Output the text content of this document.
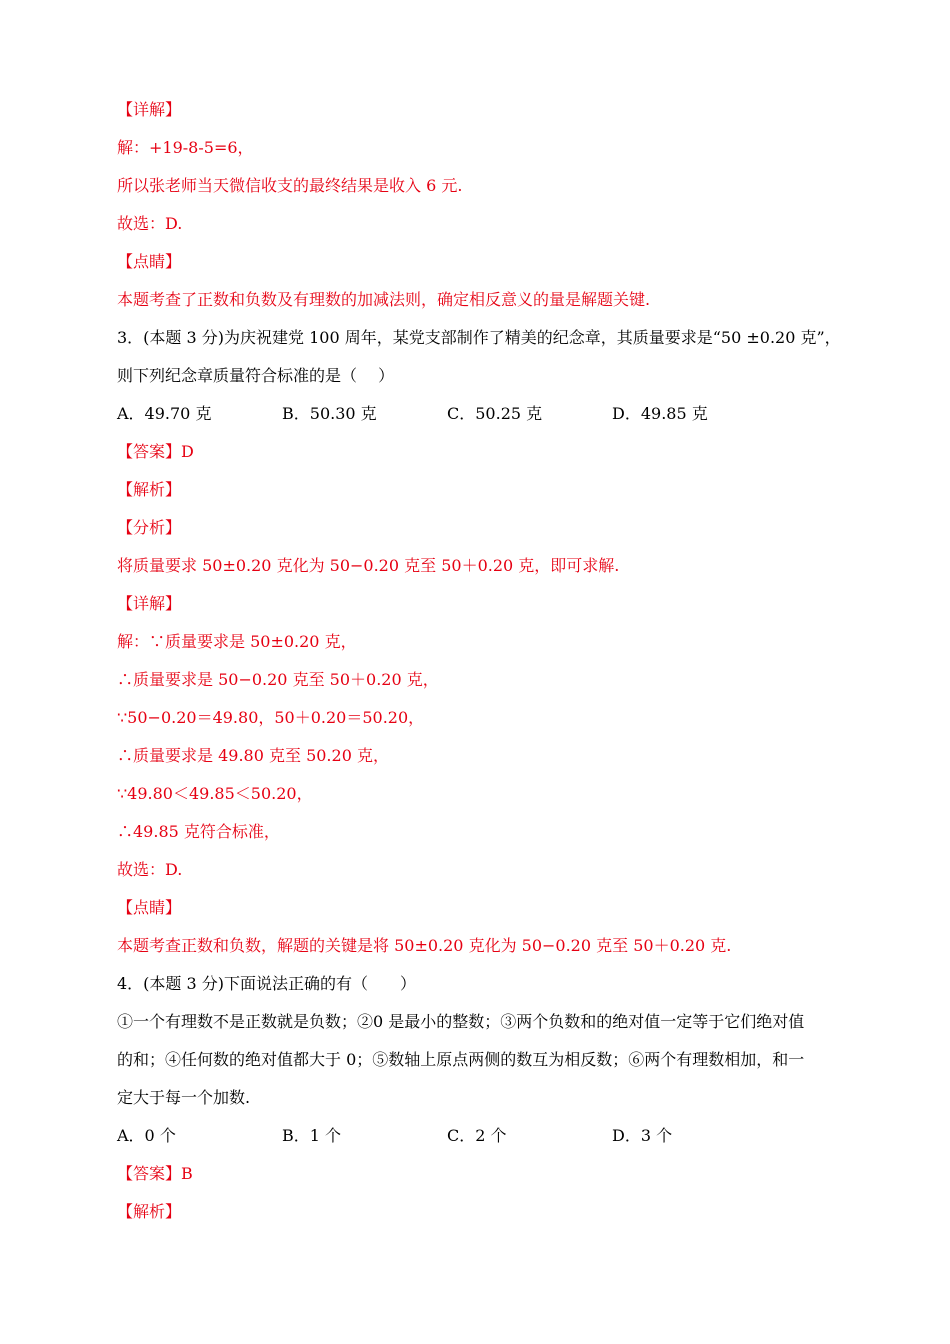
【详解】
解：+19-8-5=6，
所以张老师当天微信收支的最终结果是收入 6 元.
故选：D.
【点睛】
本题考查了正数和负数及有理数的加减法则，确定相反意义的量是解题关键.
3．(本题 3 分)为庆祝建党 100 周年，某党支部制作了精美的纪念章，其质量要求是“50 ±0.20 克”，
则下列纪念章质量符合标准的是（　 ）
A．49.70 克	B．50.30 克	C．50.25 克	D．49.85 克
【答案】D
【解析】
【分析】
将质量要求 50±0.20 克化为 50−0.20 克至 50＋0.20 克，即可求解.
【详解】
解：∵质量要求是 50±0.20 克，
∴质量要求是 50−0.20 克至 50＋0.20 克，
∵50−0.20＝49.80，50＋0.20＝50.20，
∴质量要求是 49.80 克至 50.20 克，
∵49.80＜49.85＜50.20，
∴49.85 克符合标准，
故选：D.
【点睛】
本题考查正数和负数，解题的关键是将 50±0.20 克化为 50−0.20 克至 50＋0.20 克.
4．(本题 3 分)下面说法正确的有（　　）
①一个有理数不是正数就是负数；②0 是最小的整数；③两个负数和的绝对值一定等于它们绝对值
的和；④任何数的绝对值都大于 0；⑤数轴上原点两侧的数互为相反数；⑥两个有理数相加，和一
定大于每一个加数.
A．0 个	B．1 个	C．2 个	D．3 个
【答案】B
【解析】
